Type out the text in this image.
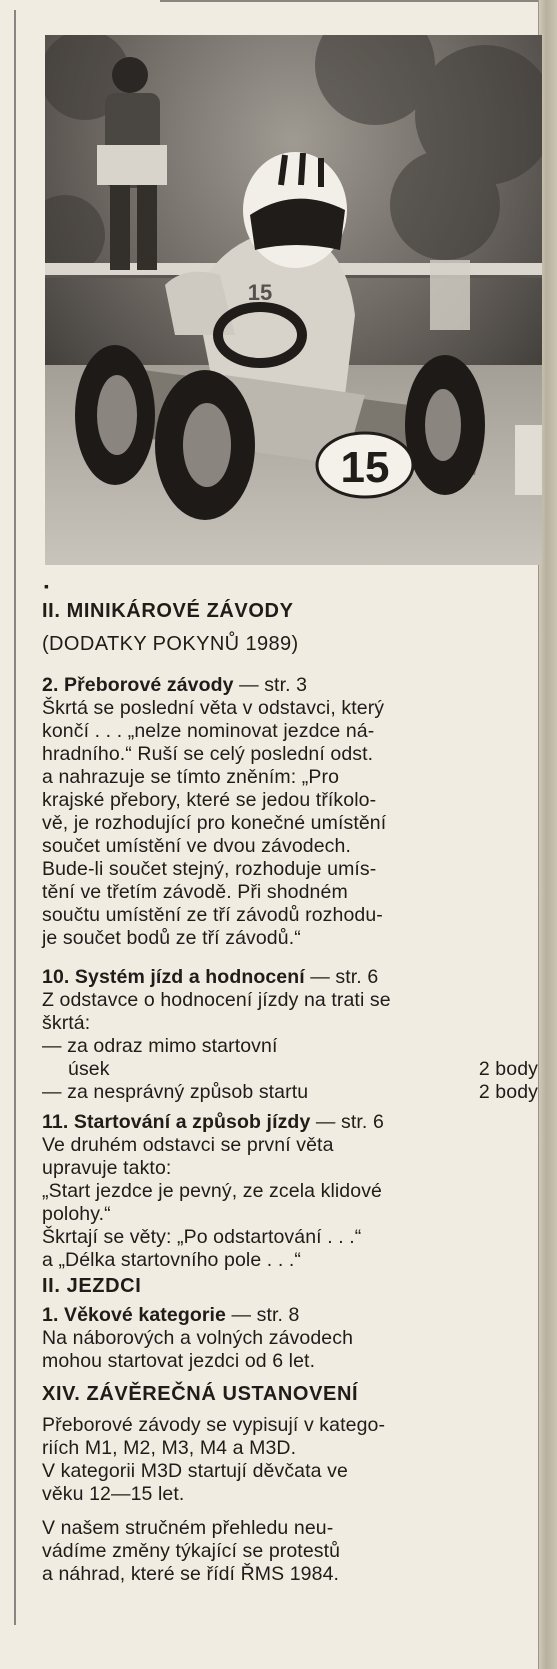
15
15
▪
II. MINIKÁROVÉ ZÁVODY
(DODATKY POKYNŮ 1989)
2. Přeborové závody — str. 3
Škrtá se poslední věta v odstavci, který
končí . . . „nelze nominovat jezdce ná-
hradního.“ Ruší se celý poslední odst.
a nahrazuje se tímto zněním: „Pro
krajské přebory, které se jedou tříkolo-
vě, je rozhodující pro konečné umístění
součet umístění ve dvou závodech.
Bude-li součet stejný, rozhoduje umís-
tění ve třetím závodě. Při shodném
součtu umístění ze tří závodů rozhodu-
je součet bodů ze tří závodů.“
10. Systém jízd a hodnocení — str. 6
Z odstavce o hodnocení jízdy na trati se
škrtá:
— za odraz mimo startovní
úsek	2 body
— za nesprávný způsob startu	2 body
11. Startování a způsob jízdy — str. 6
Ve druhém odstavci se první věta
upravuje takto:
„Start jezdce je pevný, ze zcela klidové
polohy.“
Škrtají se věty: „Po odstartování . . .“
a „Délka startovního pole . . .“
II. JEZDCI
1. Věkové kategorie — str. 8
Na náborových a volných závodech
mohou startovat jezdci od 6 let.
XIV. ZÁVĚREČNÁ USTANOVENÍ
Přeborové závody se vypisují v katego-
riích M1, M2, M3, M4 a M3D.
V kategorii M3D startují děvčata ve
věku 12—15 let.
V našem stručném přehledu neu-
vádíme změny týkající se protestů
a náhrad, které se řídí ŘMS 1984.
